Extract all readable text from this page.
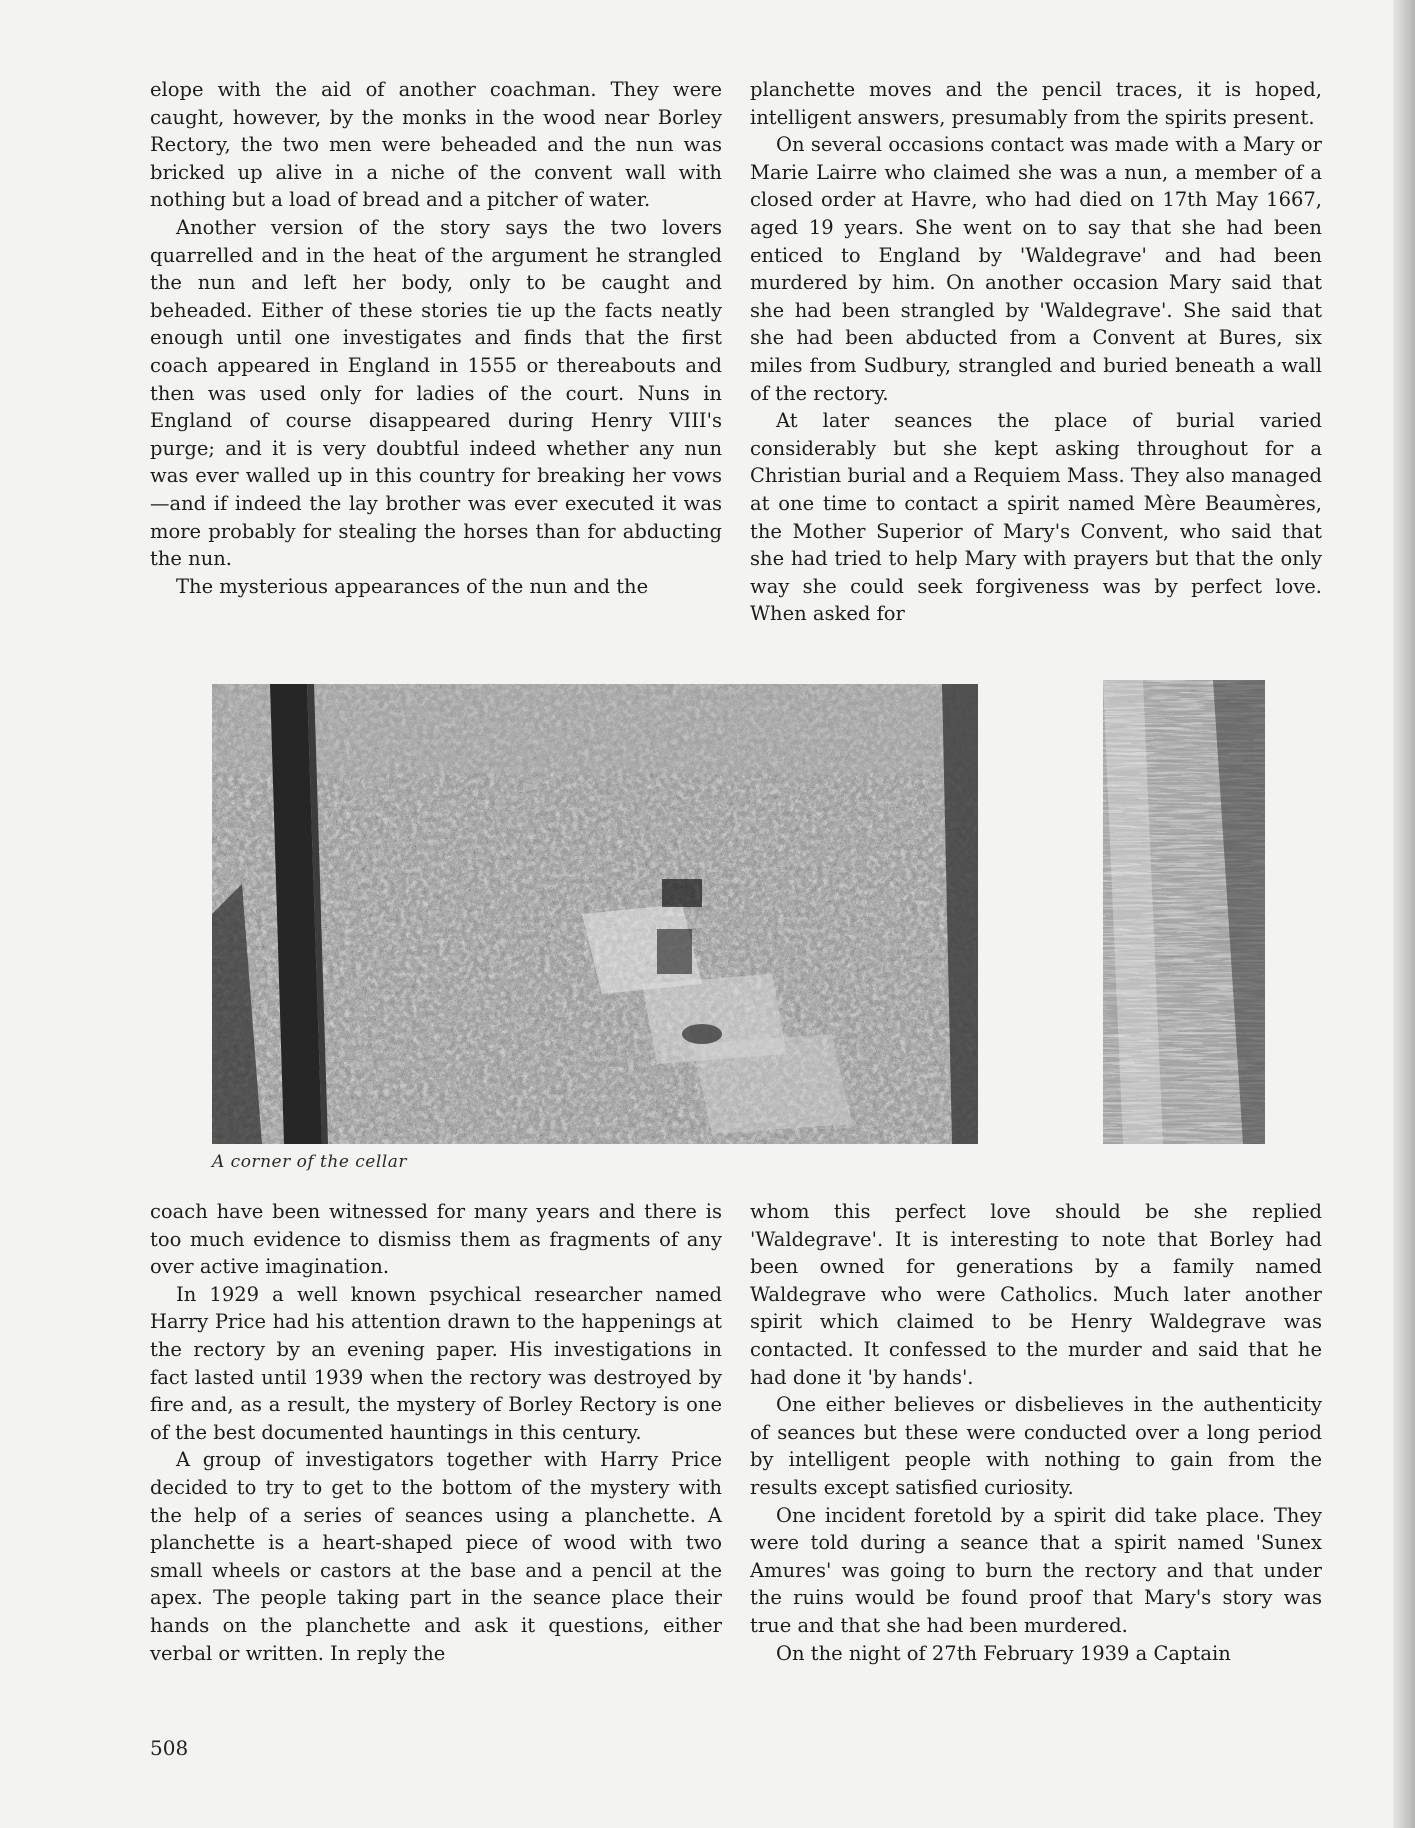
elope with the aid of another coachman. They were caught, however, by the monks in the wood near Borley Rectory, the two men were beheaded and the nun was bricked up alive in a niche of the convent wall with nothing but a load of bread and a pitcher of water.

Another version of the story says the two lovers quarrelled and in the heat of the argument he strangled the nun and left her body, only to be caught and beheaded. Either of these stories tie up the facts neatly enough until one investigates and finds that the first coach appeared in England in 1555 or thereabouts and then was used only for ladies of the court. Nuns in England of course disappeared during Henry VIII's purge; and it is very doubtful indeed whether any nun was ever walled up in this country for breaking her vows—and if indeed the lay brother was ever executed it was more probably for stealing the horses than for abducting the nun.

The mysterious appearances of the nun and the

planchette moves and the pencil traces, it is hoped, intelligent answers, presumably from the spirits present.

On several occasions contact was made with a Mary or Marie Lairre who claimed she was a nun, a member of a closed order at Havre, who had died on 17th May 1667, aged 19 years. She went on to say that she had been enticed to England by 'Waldegrave' and had been murdered by him. On another occasion Mary said that she had been strangled by 'Waldegrave'. She said that she had been abducted from a Convent at Bures, six miles from Sudbury, strangled and buried beneath a wall of the rectory.

At later seances the place of burial varied considerably but she kept asking throughout for a Christian burial and a Requiem Mass. They also managed at one time to contact a spirit named Mère Beaumères, the Mother Superior of Mary's Convent, who said that she had tried to help Mary with prayers but that the only way she could seek forgiveness was by perfect love. When asked for

A corner of the cellar

coach have been witnessed for many years and there is too much evidence to dismiss them as fragments of any over active imagination.

In 1929 a well known psychical researcher named Harry Price had his attention drawn to the happenings at the rectory by an evening paper. His investigations in fact lasted until 1939 when the rectory was destroyed by fire and, as a result, the mystery of Borley Rectory is one of the best documented hauntings in this century.

A group of investigators together with Harry Price decided to try to get to the bottom of the mystery with the help of a series of seances using a planchette. A planchette is a heart-shaped piece of wood with two small wheels or castors at the base and a pencil at the apex. The people taking part in the seance place their hands on the planchette and ask it questions, either verbal or written. In reply the

whom this perfect love should be she replied 'Waldegrave'. It is interesting to note that Borley had been owned for generations by a family named Waldegrave who were Catholics. Much later another spirit which claimed to be Henry Waldegrave was contacted. It confessed to the murder and said that he had done it 'by hands'.

One either believes or disbelieves in the authenticity of seances but these were conducted over a long period by intelligent people with nothing to gain from the results except satisfied curiosity.

One incident foretold by a spirit did take place. They were told during a seance that a spirit named 'Sunex Amures' was going to burn the rectory and that under the ruins would be found proof that Mary's story was true and that she had been murdered.

On the night of 27th February 1939 a Captain

508
